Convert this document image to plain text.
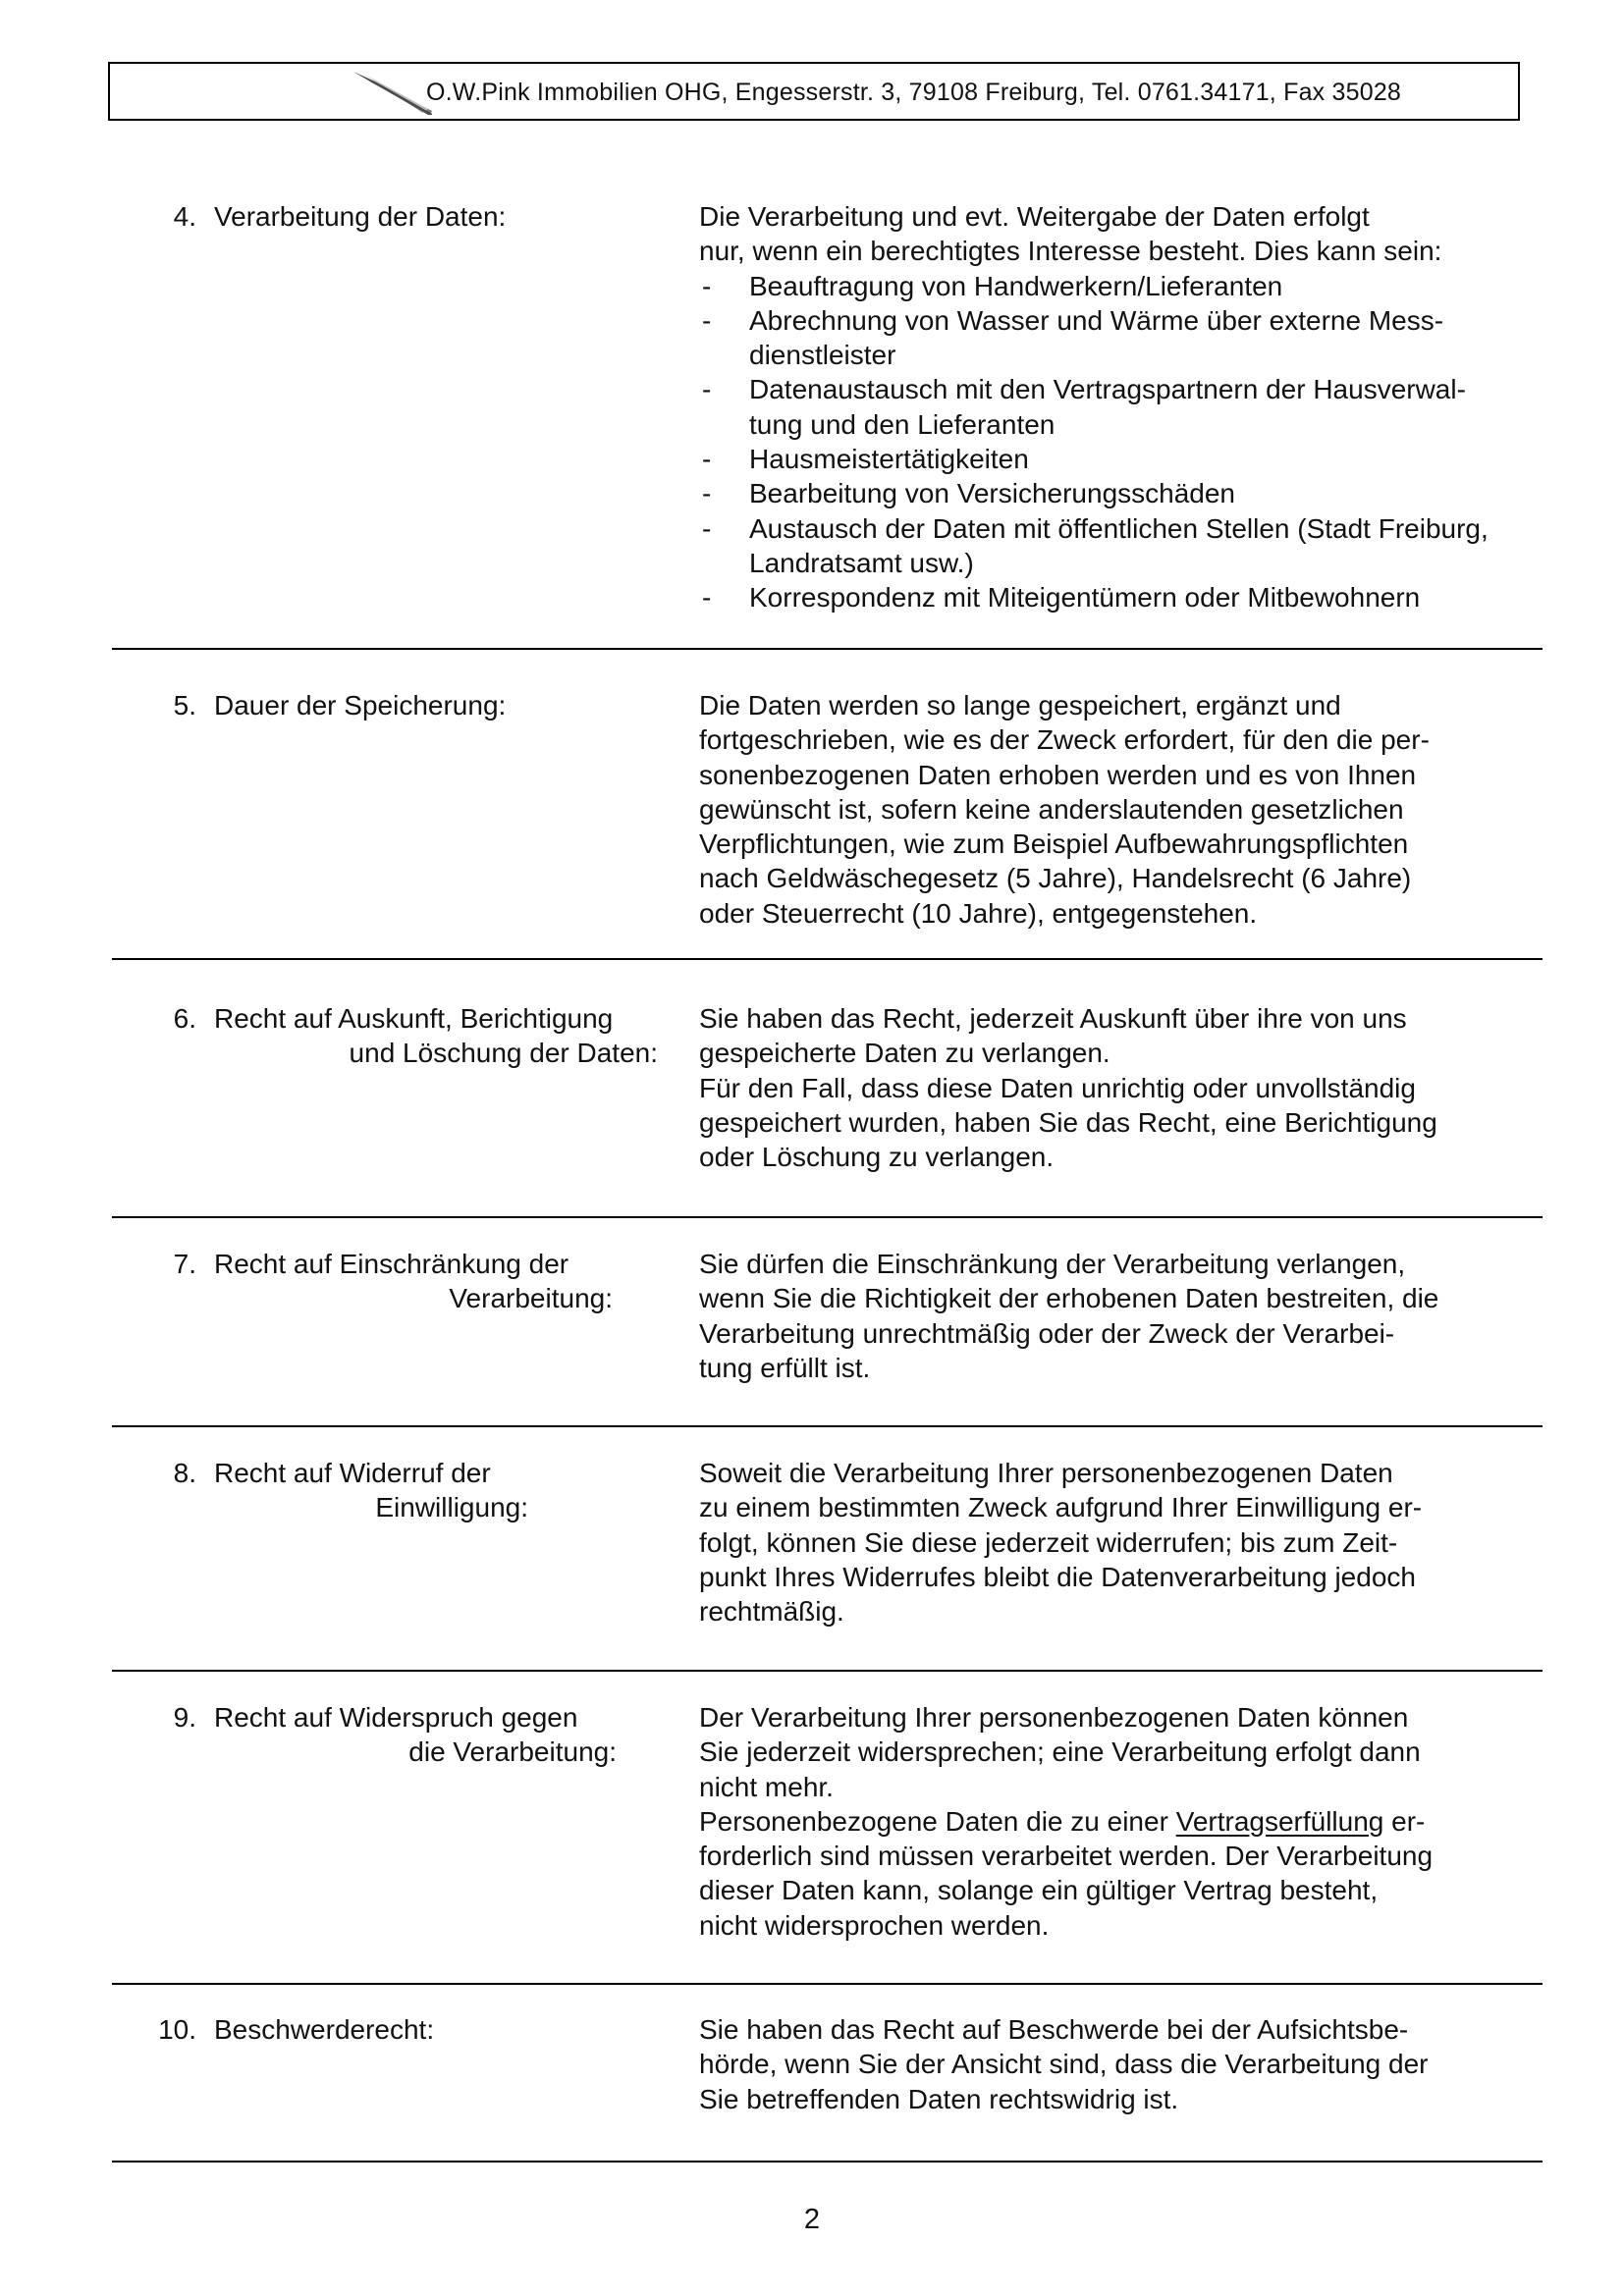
O.W.Pink Immobilien OHG, Engesserstr. 3, 79108 Freiburg, Tel. 0761.34171, Fax 35028
4. Verarbeitung der Daten:	Die Verarbeitung und evt. Weitergabe der Daten erfolgt

nur, wenn ein berechtigtes Interesse besteht. Dies kann sein:

- Beauftragung von Handwerkern/Lieferanten

- Abrechnung von Wasser und Wärme über externe Mess-

dienstleister

- Datenaustausch mit den Vertragspartnern der Hausverwal-

tung und den Lieferanten

- Hausmeistertätigkeiten

- Bearbeitung von Versicherungsschäden

- Austausch der Daten mit öffentlichen Stellen (Stadt Freiburg,

Landratsamt usw.)

- Korrespondenz mit Miteigentümern oder Mitbewohnern

5. Dauer der Speicherung:	Die Daten werden so lange gespeichert, ergänzt und

fortgeschrieben, wie es der Zweck erfordert, für den die per-

sonenbezogenen Daten erhoben werden und es von Ihnen

gewünscht ist, sofern keine anderslautenden gesetzlichen

Verpflichtungen, wie zum Beispiel Aufbewahrungspflichten

nach Geldwäschegesetz (5 Jahre), Handelsrecht (6 Jahre)

oder Steuerrecht (10 Jahre), entgegenstehen.

6. Recht auf Auskunft, Berichtigung
und Löschung der Daten:

Sie haben das Recht, jederzeit Auskunft über ihre von uns

gespeicherte Daten zu verlangen.

Für den Fall, dass diese Daten unrichtig oder unvollständig

gespeichert wurden, haben Sie das Recht, eine Berichtigung

oder Löschung zu verlangen.

7. Recht auf Einschränkung der
Verarbeitung:

Sie dürfen die Einschränkung der Verarbeitung verlangen,

wenn Sie die Richtigkeit der erhobenen Daten bestreiten, die

Verarbeitung unrechtmäßig oder der Zweck der Verarbei-

tung erfüllt ist.

8. Recht auf Widerruf der
Einwilligung:

Soweit die Verarbeitung Ihrer personenbezogenen Daten

zu einem bestimmten Zweck aufgrund Ihrer Einwilligung er-

folgt, können Sie diese jederzeit widerrufen; bis zum Zeit-

punkt Ihres Widerrufes bleibt die Datenverarbeitung jedoch

rechtmäßig.

9. Recht auf Widerspruch gegen
die Verarbeitung:

Der Verarbeitung Ihrer personenbezogenen Daten können

Sie jederzeit widersprechen; eine Verarbeitung erfolgt dann

nicht mehr.

Personenbezogene Daten die zu einer Vertragserfüllung er-

forderlich sind müssen verarbeitet werden. Der Verarbeitung

dieser Daten kann, solange ein gültiger Vertrag besteht,

nicht widersprochen werden.

10. Beschwerderecht:	Sie haben das Recht auf Beschwerde bei der Aufsichtsbe-

hörde, wenn Sie der Ansicht sind, dass die Verarbeitung der

Sie betreffenden Daten rechtswidrig ist.

2
